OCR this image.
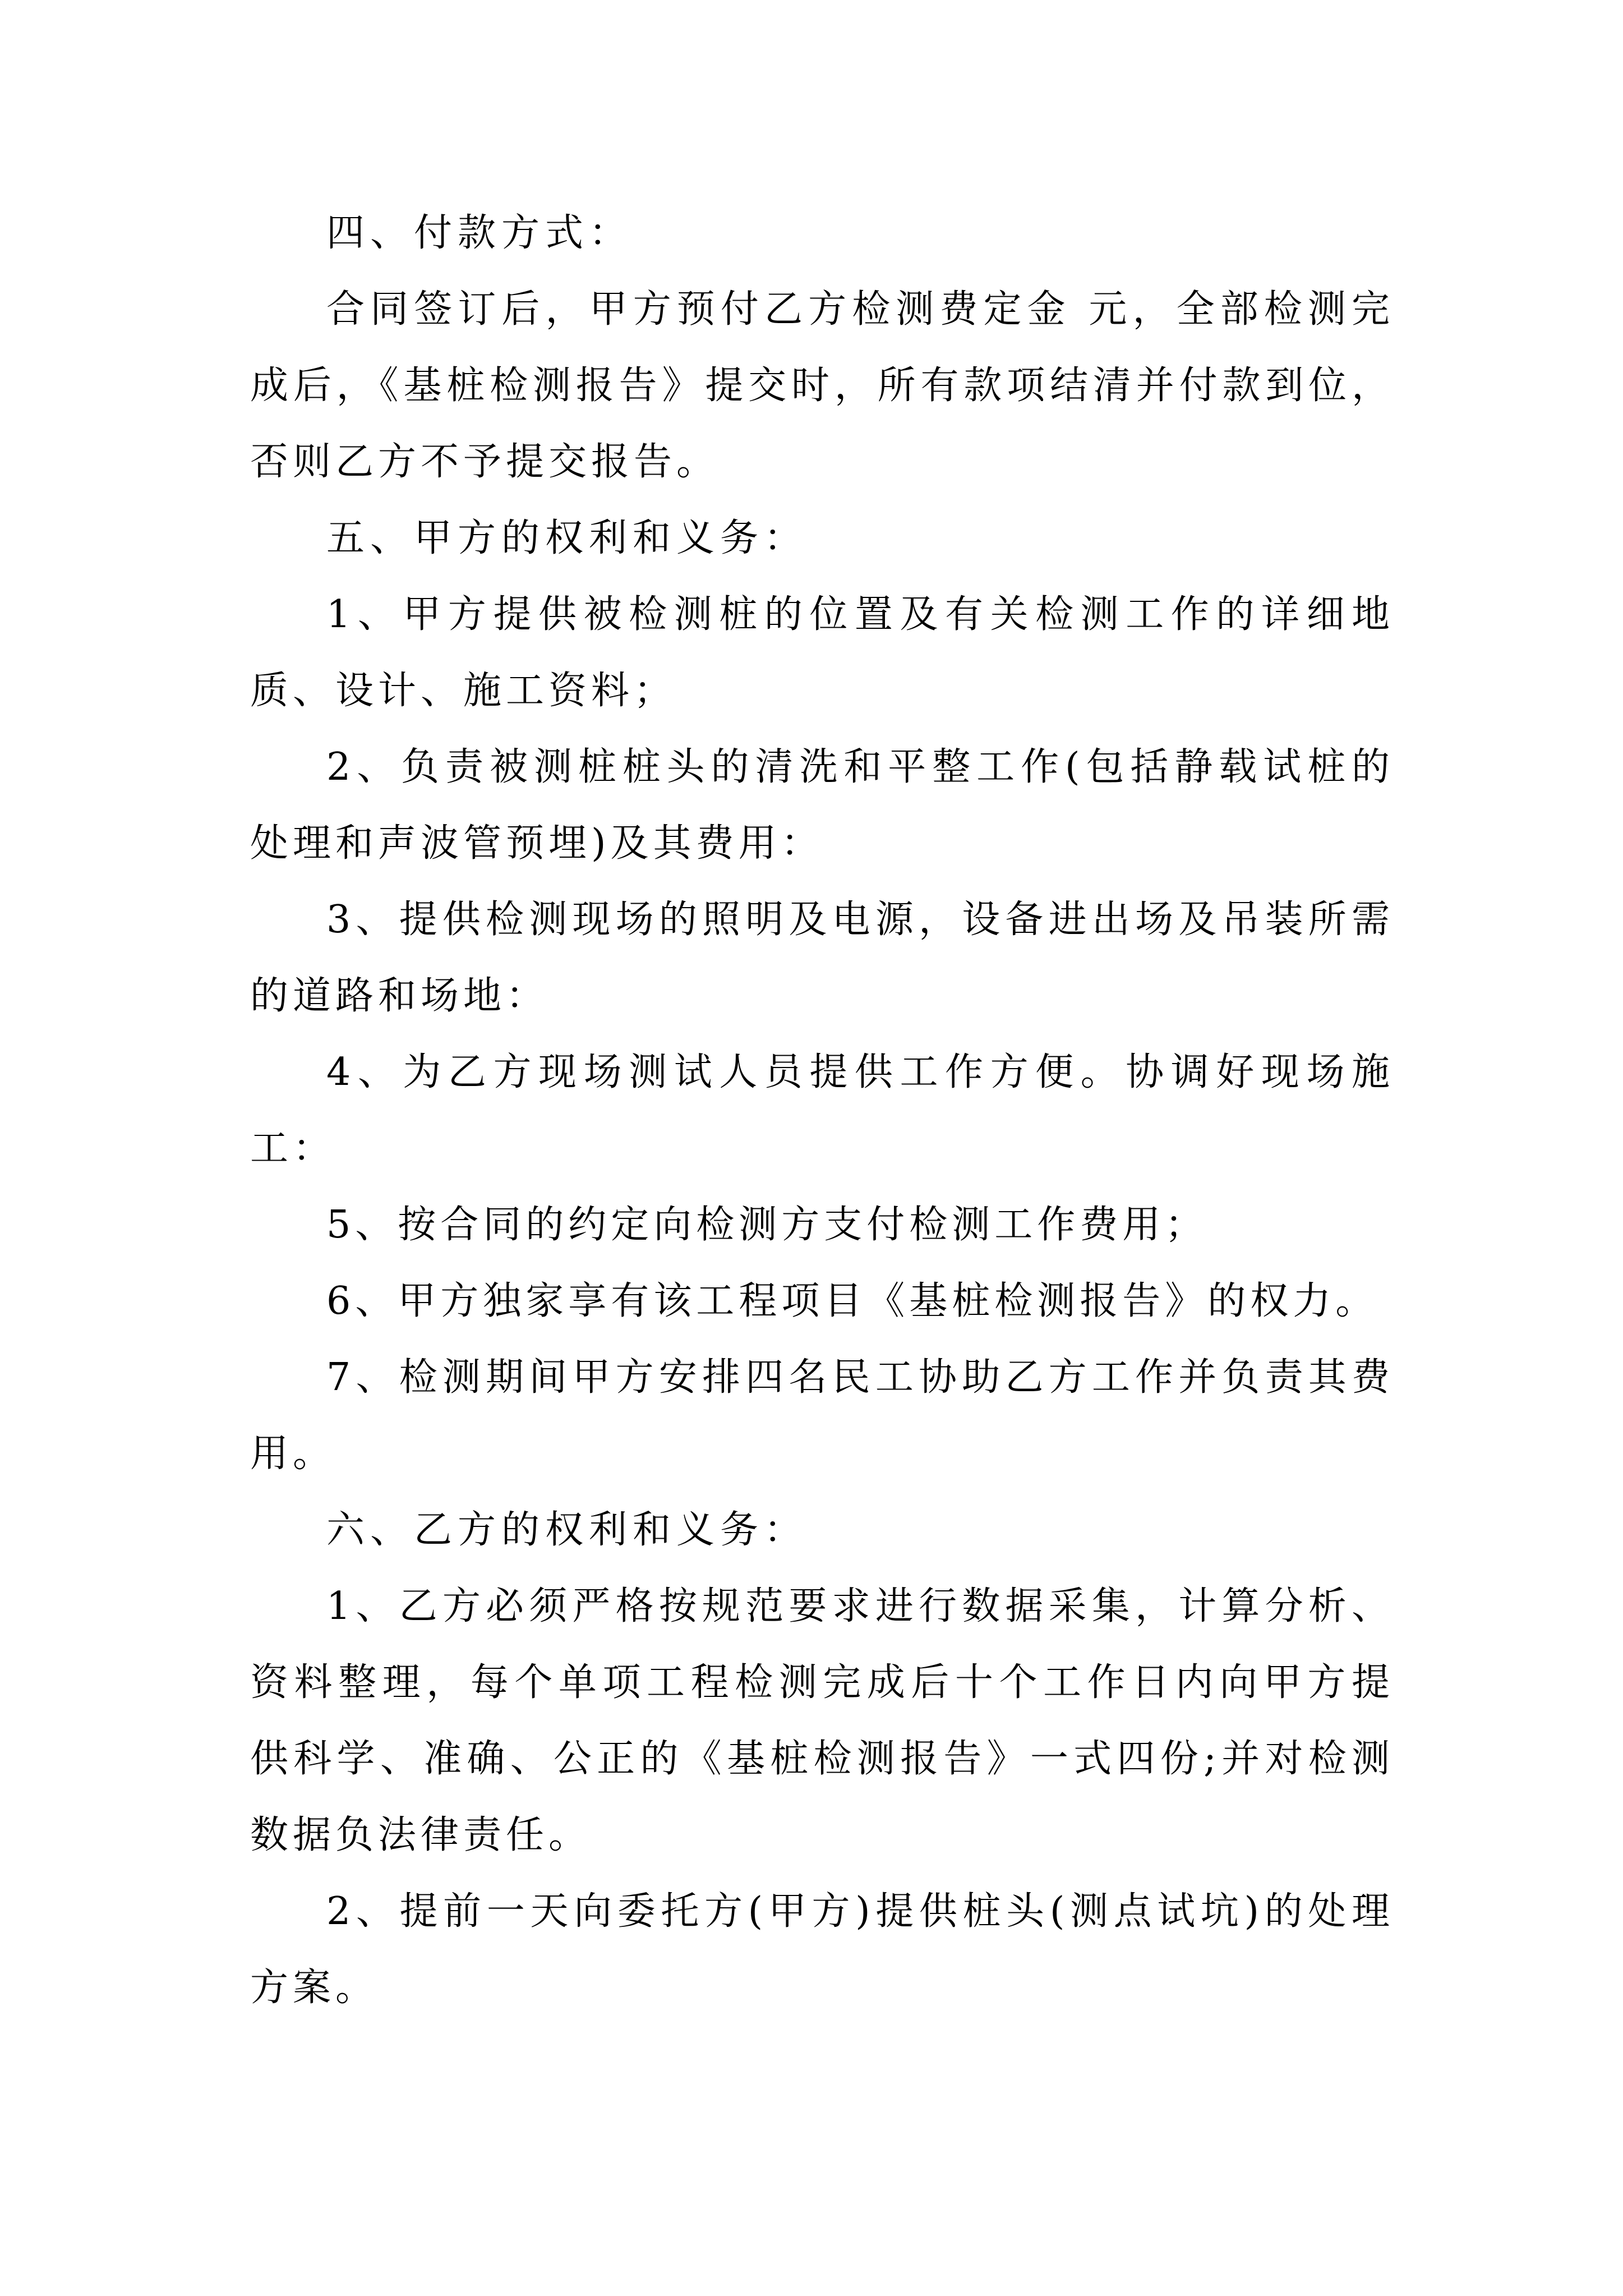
四、付款方式：

合同签订后，甲方预付乙方检测费定金 元，全部检测完成后，《基桩检测报告》提交时，所有款项结清并付款到位，否则乙方不予提交报告。

五、甲方的权利和义务：

1、甲方提供被检测桩的位置及有关检测工作的详细地质、设计、施工资料；

2、负责被测桩桩头的清洗和平整工作(包括静载试桩的处理和声波管预埋)及其费用：

3、提供检测现场的照明及电源，设备进出场及吊装所需的道路和场地：

4、为乙方现场测试人员提供工作方便。协调好现场施工：

5、按合同的约定向检测方支付检测工作费用；

6、甲方独家享有该工程项目《基桩检测报告》的权力。

7、检测期间甲方安排四名民工协助乙方工作并负责其费用。

六、乙方的权利和义务：

1、乙方必须严格按规范要求进行数据采集，计算分析、资料整理，每个单项工程检测完成后十个工作日内向甲方提供科学、准确、公正的《基桩检测报告》一式四份;并对检测数据负法律责任。

2、提前一天向委托方(甲方)提供桩头(测点试坑)的处理方案。
